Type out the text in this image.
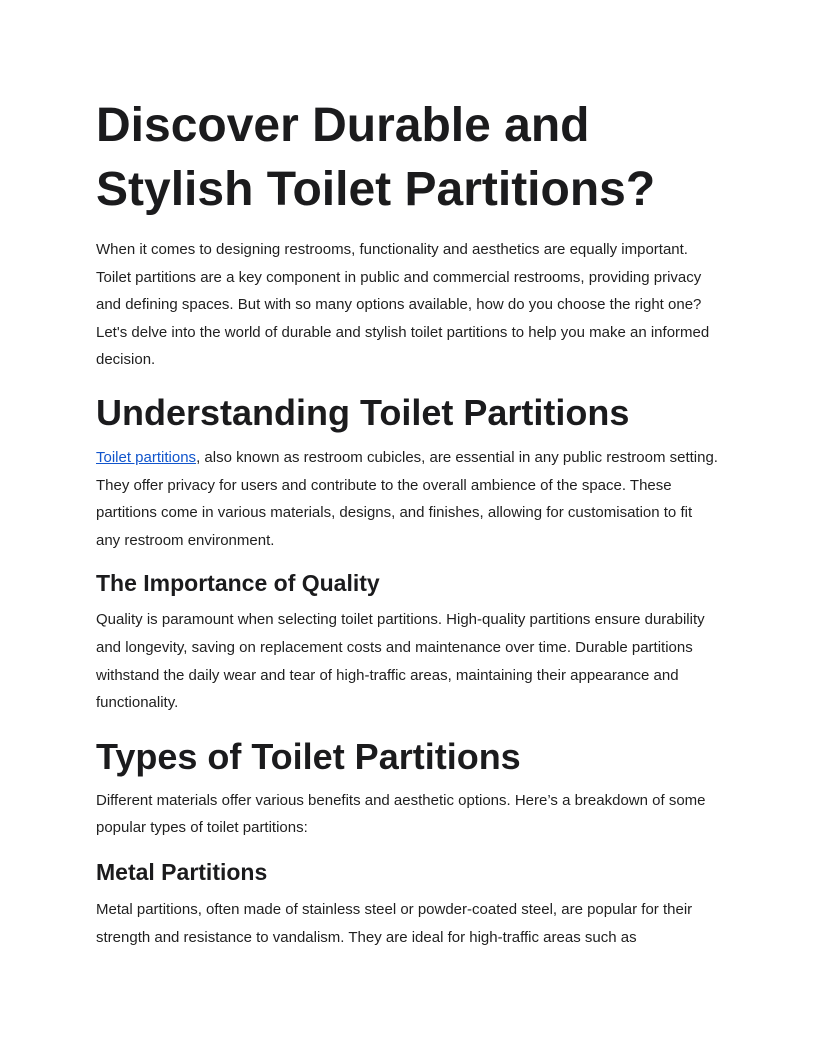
Discover Durable and Stylish Toilet Partitions?

When it comes to designing restrooms, functionality and aesthetics are equally important. Toilet partitions are a key component in public and commercial restrooms, providing privacy and defining spaces. But with so many options available, how do you choose the right one? Let's delve into the world of durable and stylish toilet partitions to help you make an informed decision.

Understanding Toilet Partitions

Toilet partitions, also known as restroom cubicles, are essential in any public restroom setting. They offer privacy for users and contribute to the overall ambience of the space. These partitions come in various materials, designs, and finishes, allowing for customisation to fit any restroom environment.

The Importance of Quality

Quality is paramount when selecting toilet partitions. High-quality partitions ensure durability and longevity, saving on replacement costs and maintenance over time. Durable partitions withstand the daily wear and tear of high-traffic areas, maintaining their appearance and functionality.

Types of Toilet Partitions

Different materials offer various benefits and aesthetic options. Here’s a breakdown of some popular types of toilet partitions:

Metal Partitions

Metal partitions, often made of stainless steel or powder-coated steel, are popular for their strength and resistance to vandalism. They are ideal for high-traffic areas such as
